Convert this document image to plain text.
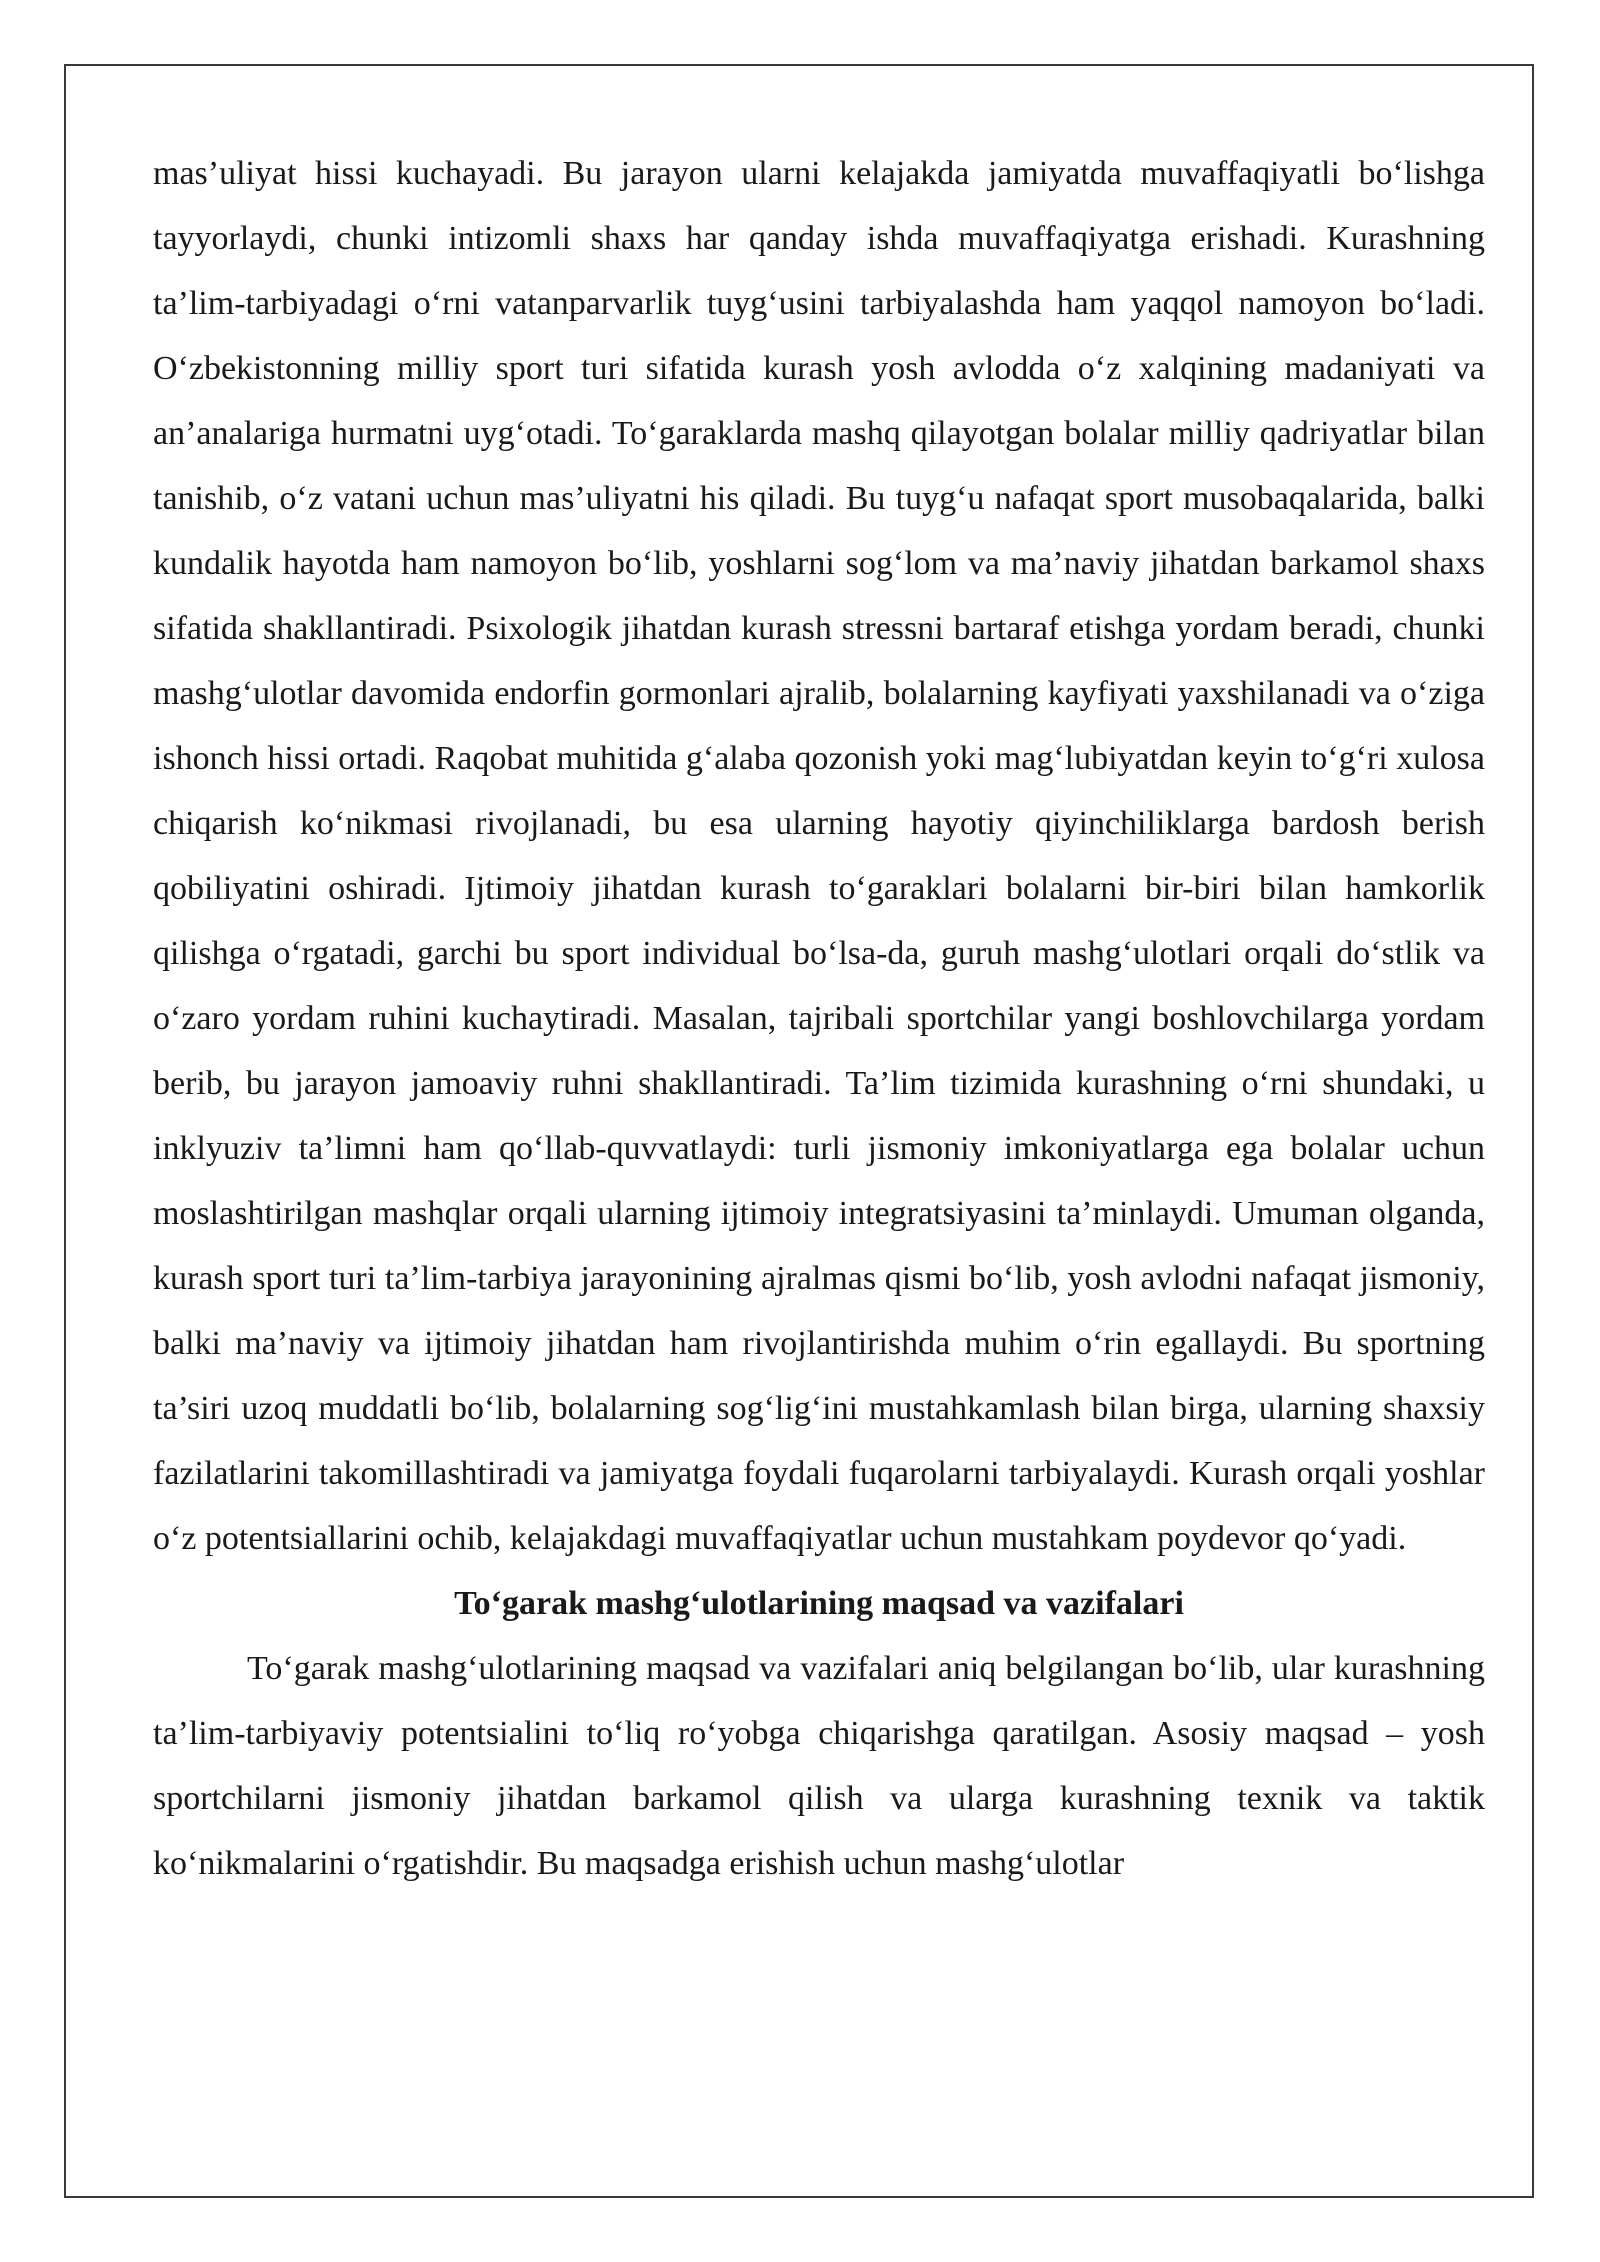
mas’uliyat hissi kuchayadi. Bu jarayon ularni kelajakda jamiyatda muvaffaqiyatli bo‘lishga tayyorlaydi, chunki intizomli shaxs har qanday ishda muvaffaqiyatga erishadi. Kurashning ta’lim-tarbiyadagi o‘rni vatanparvarlik tuyg‘usini tarbiyalashda ham yaqqol namoyon bo‘ladi. O‘zbekistonning milliy sport turi sifatida kurash yosh avlodda o‘z xalqining madaniyati va an’analariga hurmatni uyg‘otadi. To‘garaklarda mashq qilayotgan bolalar milliy qadriyatlar bilan tanishib, o‘z vatani uchun mas’uliyatni his qiladi. Bu tuyg‘u nafaqat sport musobaqalarida, balki kundalik hayotda ham namoyon bo‘lib, yoshlarni sog‘lom va ma’naviy jihatdan barkamol shaxs sifatida shakllantiradi. Psixologik jihatdan kurash stressni bartaraf etishga yordam beradi, chunki mashg‘ulotlar davomida endorfin gormonlari ajralib, bolalarning kayfiyati yaxshilanadi va o‘ziga ishonch hissi ortadi. Raqobat muhitida g‘alaba qozonish yoki mag‘lubiyatdan keyin to‘g‘ri xulosa chiqarish ko‘nikmasi rivojlanadi, bu esa ularning hayotiy qiyinchiliklarga bardosh berish qobiliyatini oshiradi. Ijtimoiy jihatdan kurash to‘garaklari bolalarni bir-biri bilan hamkorlik qilishga o‘rgatadi, garchi bu sport individual bo‘lsa-da, guruh mashg‘ulotlari orqali do‘stlik va o‘zaro yordam ruhini kuchaytiradi. Masalan, tajribali sportchilar yangi boshlovchilarga yordam berib, bu jarayon jamoaviy ruhni shakllantiradi. Ta’lim tizimida kurashning o‘rni shundaki, u inklyuziv ta’limni ham qo‘llab-quvvatlaydi: turli jismoniy imkoniyatlarga ega bolalar uchun moslashtirilgan mashqlar orqali ularning ijtimoiy integratsiyasini ta’minlaydi. Umuman olganda, kurash sport turi ta’lim-tarbiya jarayonining ajralmas qismi bo‘lib, yosh avlodni nafaqat jismoniy, balki ma’naviy va ijtimoiy jihatdan ham rivojlantirishda muhim o‘rin egallaydi. Bu sportning ta’siri uzoq muddatli bo‘lib, bolalarning sog‘lig‘ini mustahkamlash bilan birga, ularning shaxsiy fazilatlarini takomillashtiradi va jamiyatga foydali fuqarolarni tarbiyalaydi. Kurash orqali yoshlar o‘z potentsiallarini ochib, kelajakdagi muvaffaqiyatlar uchun mustahkam poydevor qo‘yadi.

To‘garak mashg‘ulotlarining maqsad va vazifalari

To‘garak mashg‘ulotlarining maqsad va vazifalari aniq belgilangan bo‘lib, ular kurashning ta’lim-tarbiyaviy potentsialini to‘liq ro‘yobga chiqarishga qaratilgan. Asosiy maqsad – yosh sportchilarni jismoniy jihatdan barkamol qilish va ularga kurashning texnik va taktik ko‘nikmalarini o‘rgatishdir. Bu maqsadga erishish uchun mashg‘ulotlar
